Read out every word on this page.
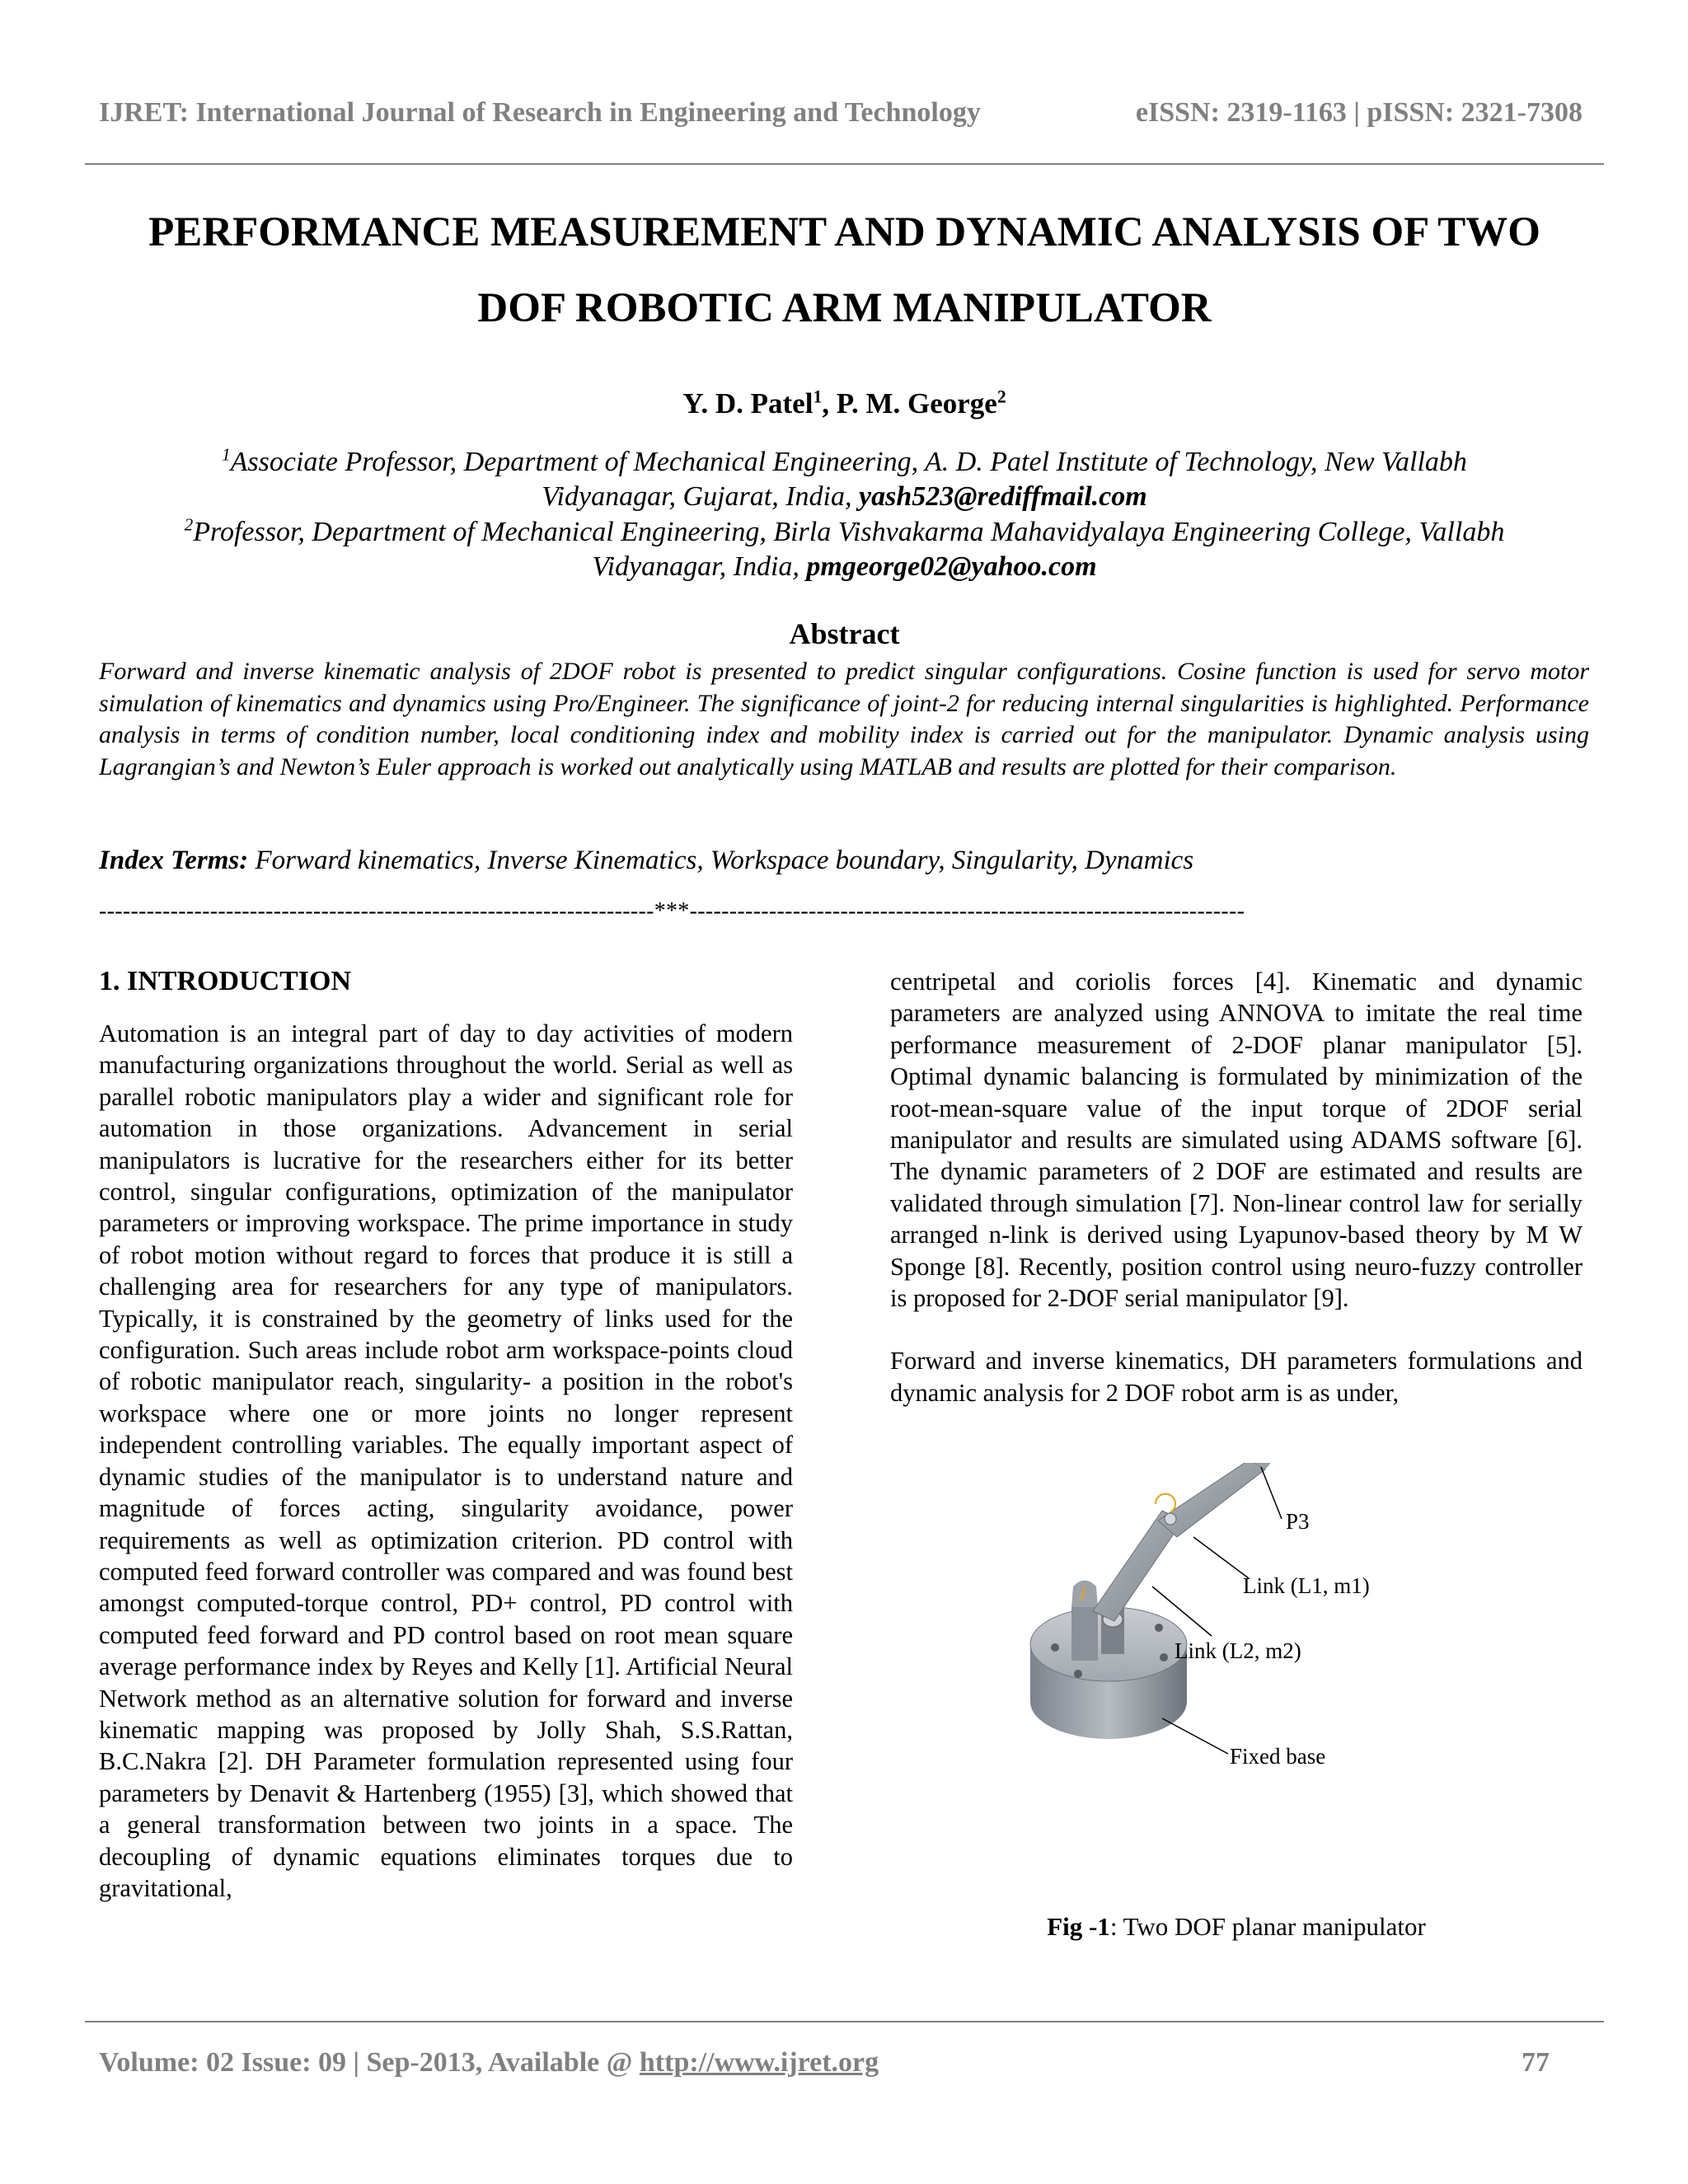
IJRET: International Journal of Research in Engineering and Technology	eISSN: 2319-1163 | pISSN: 2321-7308
PERFORMANCE MEASUREMENT AND DYNAMIC ANALYSIS OF TWO
DOF ROBOTIC ARM MANIPULATOR
Y. D. Patel$^1$, P. M. George$^2$
$^1$Associate Professor, Department of Mechanical Engineering, A. D. Patel Institute of Technology, New Vallabh
Vidyanagar, Gujarat, India, yash523@rediffmail.com
$^2$Professor, Department of Mechanical Engineering, Birla Vishvakarma Mahavidyalaya Engineering College, Vallabh
Vidyanagar, India, pmgeorge02@yahoo.com
Abstract
Forward and inverse kinematic analysis of 2DOF robot is presented to predict singular configurations. Cosine function is used for servo motor simulation of kinematics and dynamics using Pro/Engineer. The significance of joint-2 for reducing internal singularities is highlighted. Performance analysis in terms of condition number, local conditioning index and mobility index is carried out for the manipulator. Dynamic analysis using Lagrangian’s and Newton’s Euler approach is worked out analytically using MATLAB and results are plotted for their comparison.
Index Terms: Forward kinematics, Inverse Kinematics, Workspace boundary, Singularity, Dynamics
----------------------------------------------------------------------***----------------------------------------------------------------------
1. INTRODUCTION

Automation is an integral part of day to day activities of modern manufacturing organizations throughout the world. Serial as well as parallel robotic manipulators play a wider and significant role for automation in those organizations. Advancement in serial manipulators is lucrative for the researchers either for its better control, singular configurations, optimization of the manipulator parameters or improving workspace. The prime importance in study of robot motion without regard to forces that produce it is still a challenging area for researchers for any type of manipulators. Typically, it is constrained by the geometry of links used for the configuration. Such areas include robot arm workspace-points cloud of robotic manipulator reach, singularity- a position in the robot's workspace where one or more joints no longer represent independent controlling variables. The equally important aspect of dynamic studies of the manipulator is to understand nature and magnitude of forces acting, singularity avoidance, power requirements as well as optimization criterion. PD control with computed feed forward controller was compared and was found best amongst computed-torque control, PD+ control, PD control with computed feed forward and PD control based on root mean square average performance index by Reyes and Kelly [1]. Artificial Neural Network method as an alternative solution for forward and inverse kinematic mapping was proposed by Jolly Shah, S.S.Rattan, B.C.Nakra [2]. DH Parameter formulation represented using four parameters by Denavit & Hartenberg (1955) [3], which showed that a general transformation between two joints in a space. The decoupling of dynamic equations eliminates torques due to gravitational,

centripetal and coriolis forces [4]. Kinematic and dynamic parameters are analyzed using ANNOVA to imitate the real time performance measurement of 2-DOF planar manipulator [5]. Optimal dynamic balancing is formulated by minimization of the root-mean-square value of the input torque of 2DOF serial manipulator and results are simulated using ADAMS software [6]. The dynamic parameters of 2 DOF are estimated and results are validated through simulation [7]. Non-linear control law for serially arranged n-link is derived using Lyapunov-based theory by M W Sponge [8]. Recently, position control using neuro-fuzzy controller is proposed for 2-DOF serial manipulator [9].

Forward and inverse kinematics, DH parameters formulations and dynamic analysis for 2 DOF robot arm is as under,

P3
Link (L1, m1)
Link (L2, m2)
Fixed base
Fig -1: Two DOF planar manipulator
Volume: 02 Issue: 09 | Sep-2013, Available @ http://www.ijret.org	77
